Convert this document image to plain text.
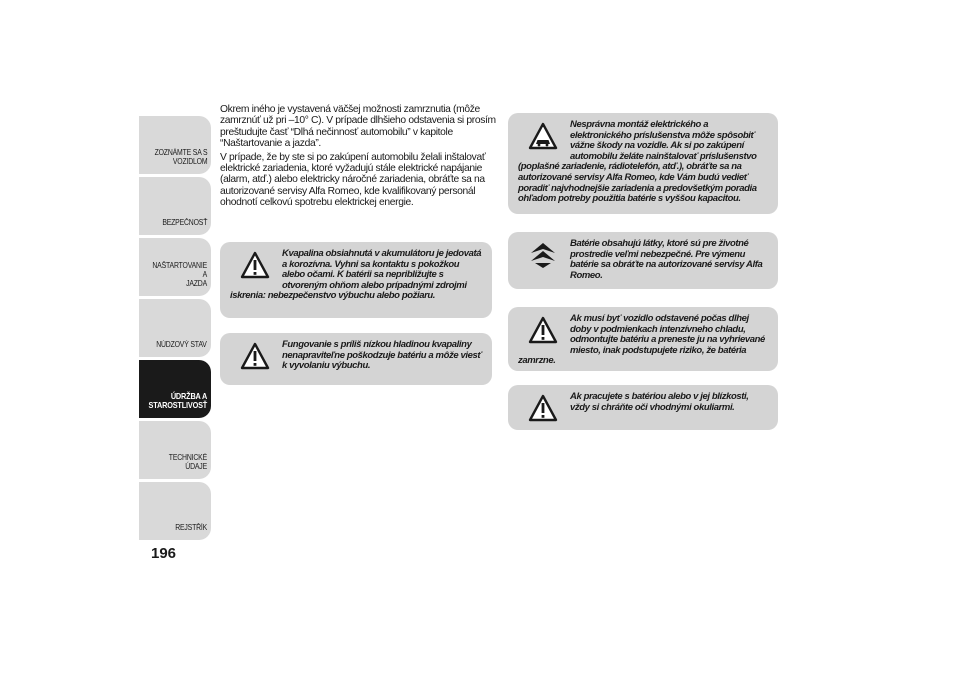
ZOZNÁMTE SA S
VOZIDLOM
BEZPEČNOSŤ
NAŠTARTOVANIE A
JAZDA
NÚDZOVÝ STAV
ÚDRŽBA A
STAROSTLIVOSŤ
TECHNICKÉ ÚDAJE
REJSTŘÍK
196

Okrem iného je vystavená väčšej možnosti zamrznutia (môže zamrznúť už pri –10° C). V prípade dlhšieho odstavenia si prosím preštudujte časť “Dlhá nečinnosť automobilu” v kapitole “Naštartovanie a jazda”.

V prípade, že by ste si po zakúpení automobilu želali inštalovať elektrické zariadenia, ktoré vyžadujú stále elektrické napájanie (alarm, atď.) alebo elektricky náročné zariadenia, obráťte sa na autorizované servisy Alfa Romeo, kde kvalifikovaný personál ohodnotí celkovú spotrebu elektrickej energie.

Kvapalina obsiahnutá v akumulátoru je jedovatá a korozívna. Vyhni sa kontaktu s pokožkou alebo očami. K batérii sa nepribližujte s otvoreným ohňom alebo prípadnými zdrojmi iskrenia: nebezpečenstvo výbuchu alebo požiaru.

Fungovanie s príliš nízkou hladinou kvapaliny nenapraviteľne poškodzuje batériu a môže viesť k vyvolaniu výbuchu.

Nesprávna montáž elektrického a elektronického príslušenstva môže spôsobiť vážne škody na vozidle. Ak si po zakúpení automobilu želáte nainštalovať príslušenstvo (poplašné zariadenie, rádiotelefón, atď.), obráťte sa na autorizované servisy Alfa Romeo, kde Vám budú vedieť poradiť najvhodnejšie zariadenia a predovšetkým poradia ohľadom potreby použitia batérie s vyššou kapacitou.

Batérie obsahujú látky, ktoré sú pre životné prostredie veľmi nebezpečné. Pre výmenu batérie sa obráťte na autorizované servisy Alfa Romeo.

Ak musí byť vozidlo odstavené počas dlhej doby v podmienkach intenzívneho chladu, odmontujte batériu a preneste ju na vyhrievané miesto, inak podstupujete riziko, že batéria zamrzne.

Ak pracujete s batériou alebo v jej blízkosti, vždy si chráňte oči vhodnými okuliarmi.
